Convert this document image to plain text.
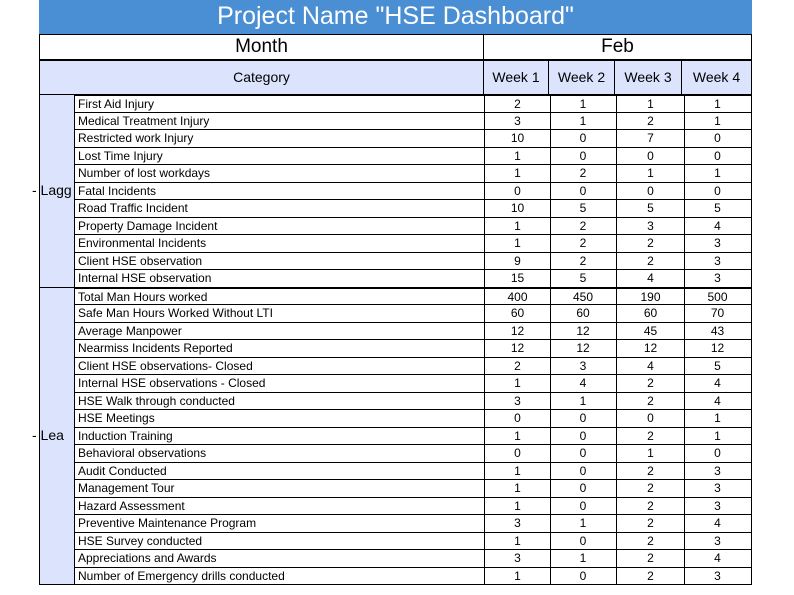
Project Name "HSE Dashboard"
Month	Feb
Category	Week 1	Week 2	Week 3	Week 4
- Lagg
First Aid Injury	2	1	1	1
Medical Treatment Injury	3	1	2	1
Restricted work Injury	10	0	7	0
Lost Time Injury	1	0	0	0
Number of lost workdays	1	2	1	1
Fatal Incidents	0	0	0	0
Road Traffic Incident	10	5	5	5
Property Damage Incident	1	2	3	4
Environmental Incidents	1	2	2	3
Client HSE observation	9	2	2	3
Internal HSE observation	15	5	4	3
- Lea
Total Man Hours worked	400	450	190	500
Safe Man Hours Worked Without LTI	60	60	60	70
Average Manpower	12	12	45	43
Nearmiss Incidents Reported	12	12	12	12
Client HSE observations- Closed	2	3	4	5
Internal HSE observations - Closed	1	4	2	4
HSE Walk through conducted	3	1	2	4
HSE Meetings	0	0	0	1
Induction Training	1	0	2	1
Behavioral observations	0	0	1	0
Audit Conducted	1	0	2	3
Management Tour	1	0	2	3
Hazard Assessment	1	0	2	3
Preventive Maintenance Program	3	1	2	4
HSE Survey conducted	1	0	2	3
Appreciations and Awards	3	1	2	4
Number of Emergency drills conducted	1	0	2	3
